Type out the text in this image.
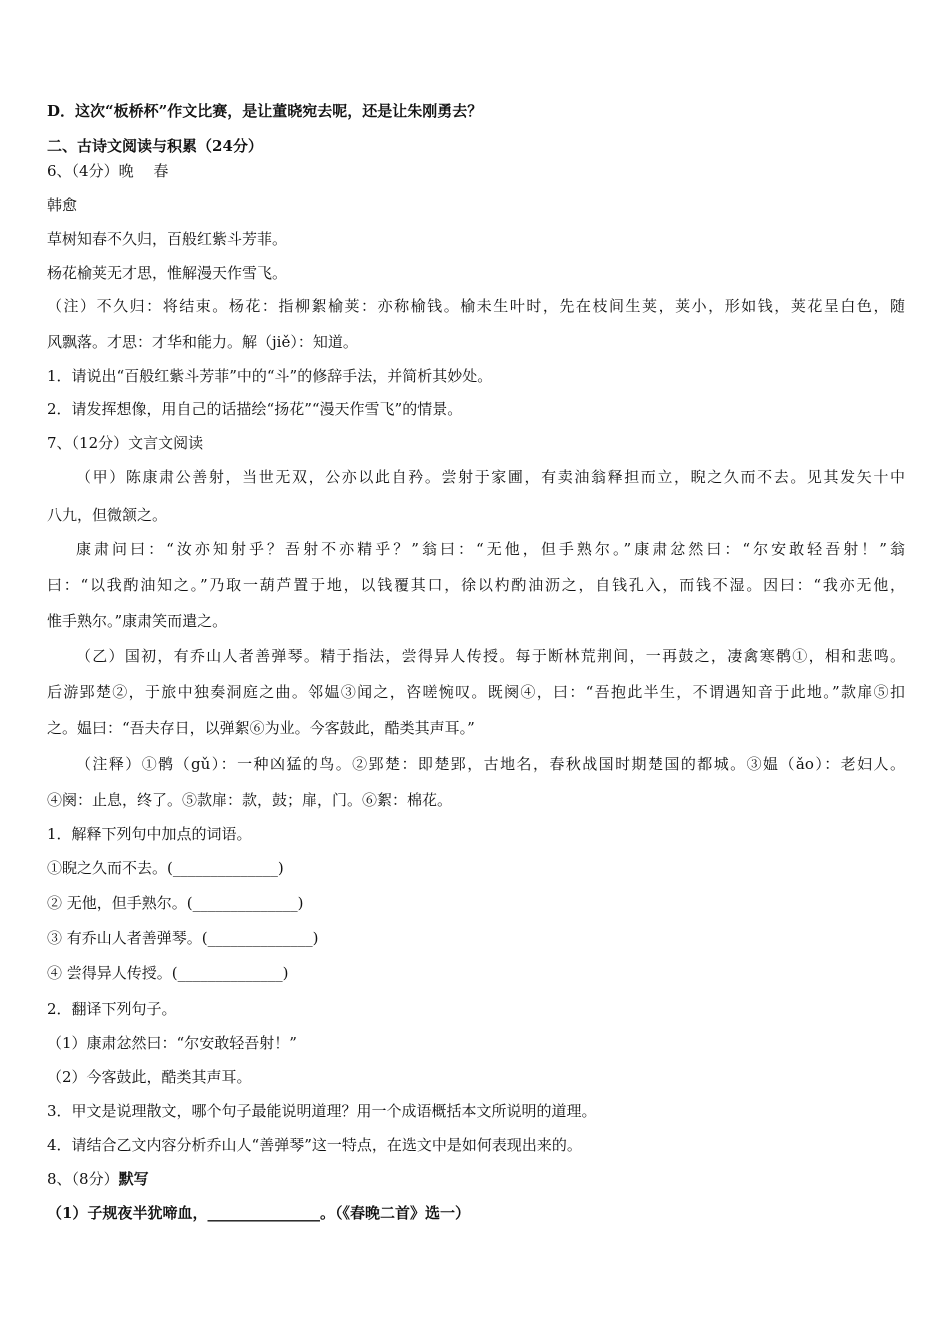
D．这次“板桥杯”作文比赛，是让董晓宛去呢，还是让朱刚勇去？
二、古诗文阅读与积累（24分）
6、（4分）晚 　春
韩愈
草树知春不久归，百般红紫斗芳菲。
杨花榆荚无才思，惟解漫天作雪飞。
（注）不久归：将结束。杨花：指柳絮榆荚：亦称榆钱。榆未生叶时，先在枝间生荚，荚小，形如钱，荚花呈白色，随
风飘落。才思：才华和能力。解（jiě）：知道。
1．请说出“百般红紫斗芳菲”中的“斗”的修辞手法，并简析其妙处。
2．请发挥想像，用自己的话描绘“扬花”“漫天作雪飞”的情景。
7、（12分）文言文阅读
（甲）陈康肃公善射，当世无双，公亦以此自矜。尝射于家圃，有卖油翁释担而立，睨之久而不去。见其发矢十中
八九，但微颔之。
康肃问曰：“汝亦知射乎？吾射不亦精乎？”翁曰：“无他，但手熟尔。”康肃忿然曰：“尔安敢轻吾射！”翁
曰：“以我酌油知之。”乃取一葫芦置于地，以钱覆其口，徐以杓酌油沥之，自钱孔入，而钱不湿。因曰：“我亦无他，
惟手熟尔。”康肃笑而遣之。
（乙）国初，有乔山人者善弹琴。精于指法，尝得异人传授。每于断林荒荆间，一再鼓之，凄禽寒鹘①，相和悲鸣。
后游郢楚②，于旅中独奏洞庭之曲。邻媪③闻之，咨嗟惋叹。既阕④，曰：“吾抱此半生，不谓遇知音于此地。”款扉⑤扣
之。媪曰：“吾夫存日，以弹絮⑥为业。今客鼓此，酷类其声耳。”
（注释）①鹘（gǔ）：一种凶猛的鸟。②郢楚：即楚郢，古地名，春秋战国时期楚国的都城。③媪（ǎo）：老妇人。
④阕：止息，终了。⑤款扉：款，鼓；扉，门。⑥絮：棉花。
1．解释下列句中加点的词语。
①睨之久而不去。(______________)
② 无他，但手熟尔。(______________)
③ 有乔山人者善弹琴。(______________)
④ 尝得异人传授。(______________)
2．翻译下列句子。
（1）康肃忿然曰：“尔安敢轻吾射！”
（2）今客鼓此，酷类其声耳。
3．甲文是说理散文，哪个句子最能说明道理？用一个成语概括本文所说明的道理。
4．请结合乙文内容分析乔山人“善弹琴”这一特点，在选文中是如何表现出来的。
8、（8分）默写
（1）子规夜半犹啼血，_______________。（《春晚二首》选一）
